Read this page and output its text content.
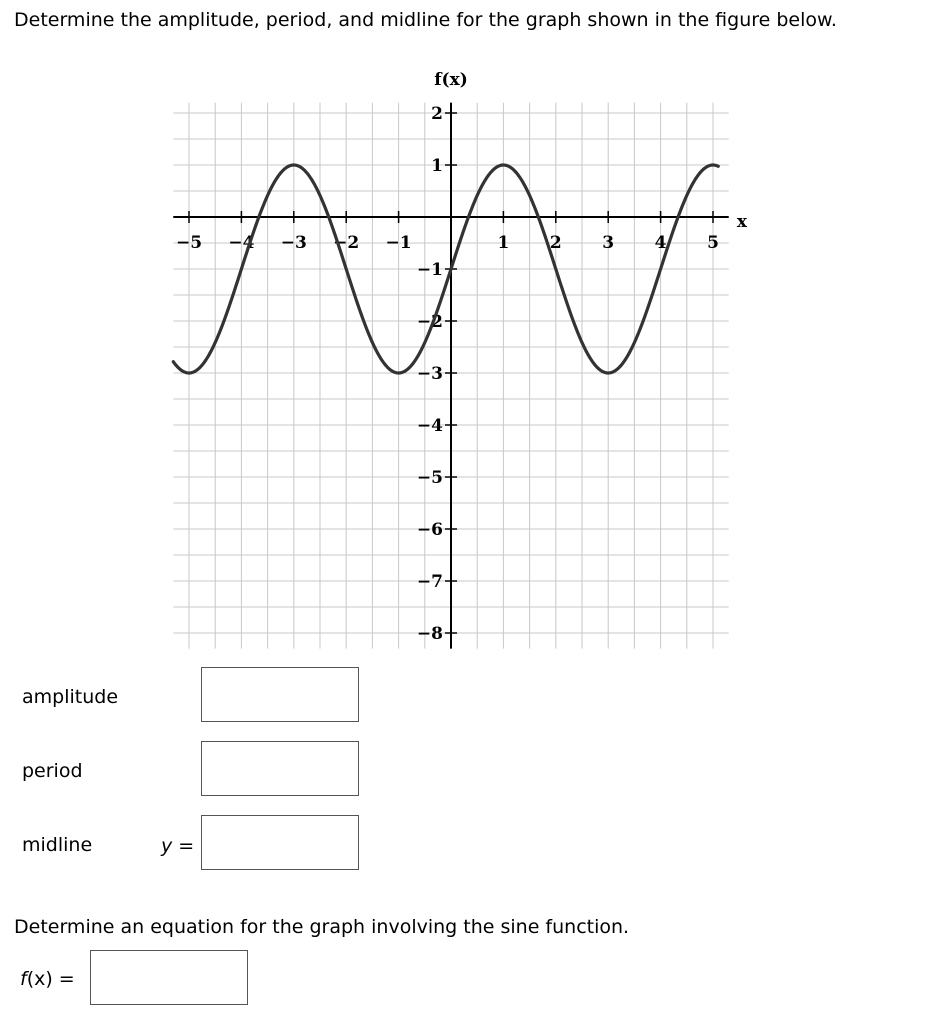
Determine the amplitude, period, and midline for the graph shown in the figure below.
−5 −4 −3 −2 −1	1 2 3 4 5
2
1
−1
−2
−3
−4
−5
−6
−7
−8
f(x)
x
amplitude
period
midline	y =
Determine an equation for the graph involving the sine function.
f(x) =
